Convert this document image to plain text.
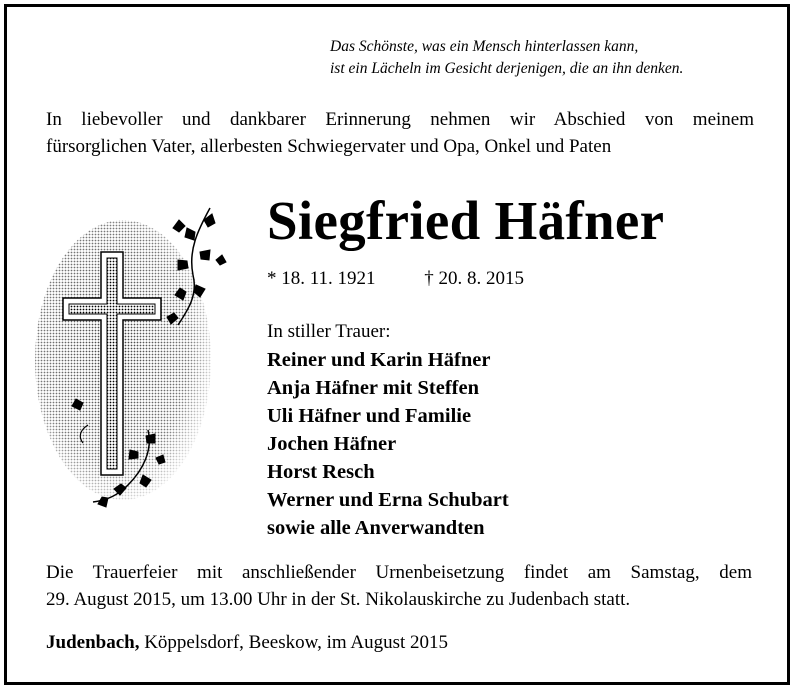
Das Schönste, was ein Mensch hinterlassen kann,
ist ein Lächeln im Gesicht derjenigen, die an ihn denken.
In liebevoller und dankbarer Erinnerung nehmen wir Abschied von meinem
fürsorglichen Vater, allerbesten Schwiegervater und Opa, Onkel und Paten
Siegfried Häfner
* 18. 11. 1921	† 20. 8. 2015
In stiller Trauer:
Reiner und Karin Häfner
Anja Häfner mit Steffen
Uli Häfner und Familie
Jochen Häfner
Horst Resch
Werner und Erna Schubart
sowie alle Anverwandten
Die Trauerfeier mit anschließender Urnenbeisetzung findet am Samstag, dem
29. August 2015, um 13.00 Uhr in der St. Nikolauskirche zu Judenbach statt.
Judenbach, Köppelsdorf, Beeskow, im August 2015
